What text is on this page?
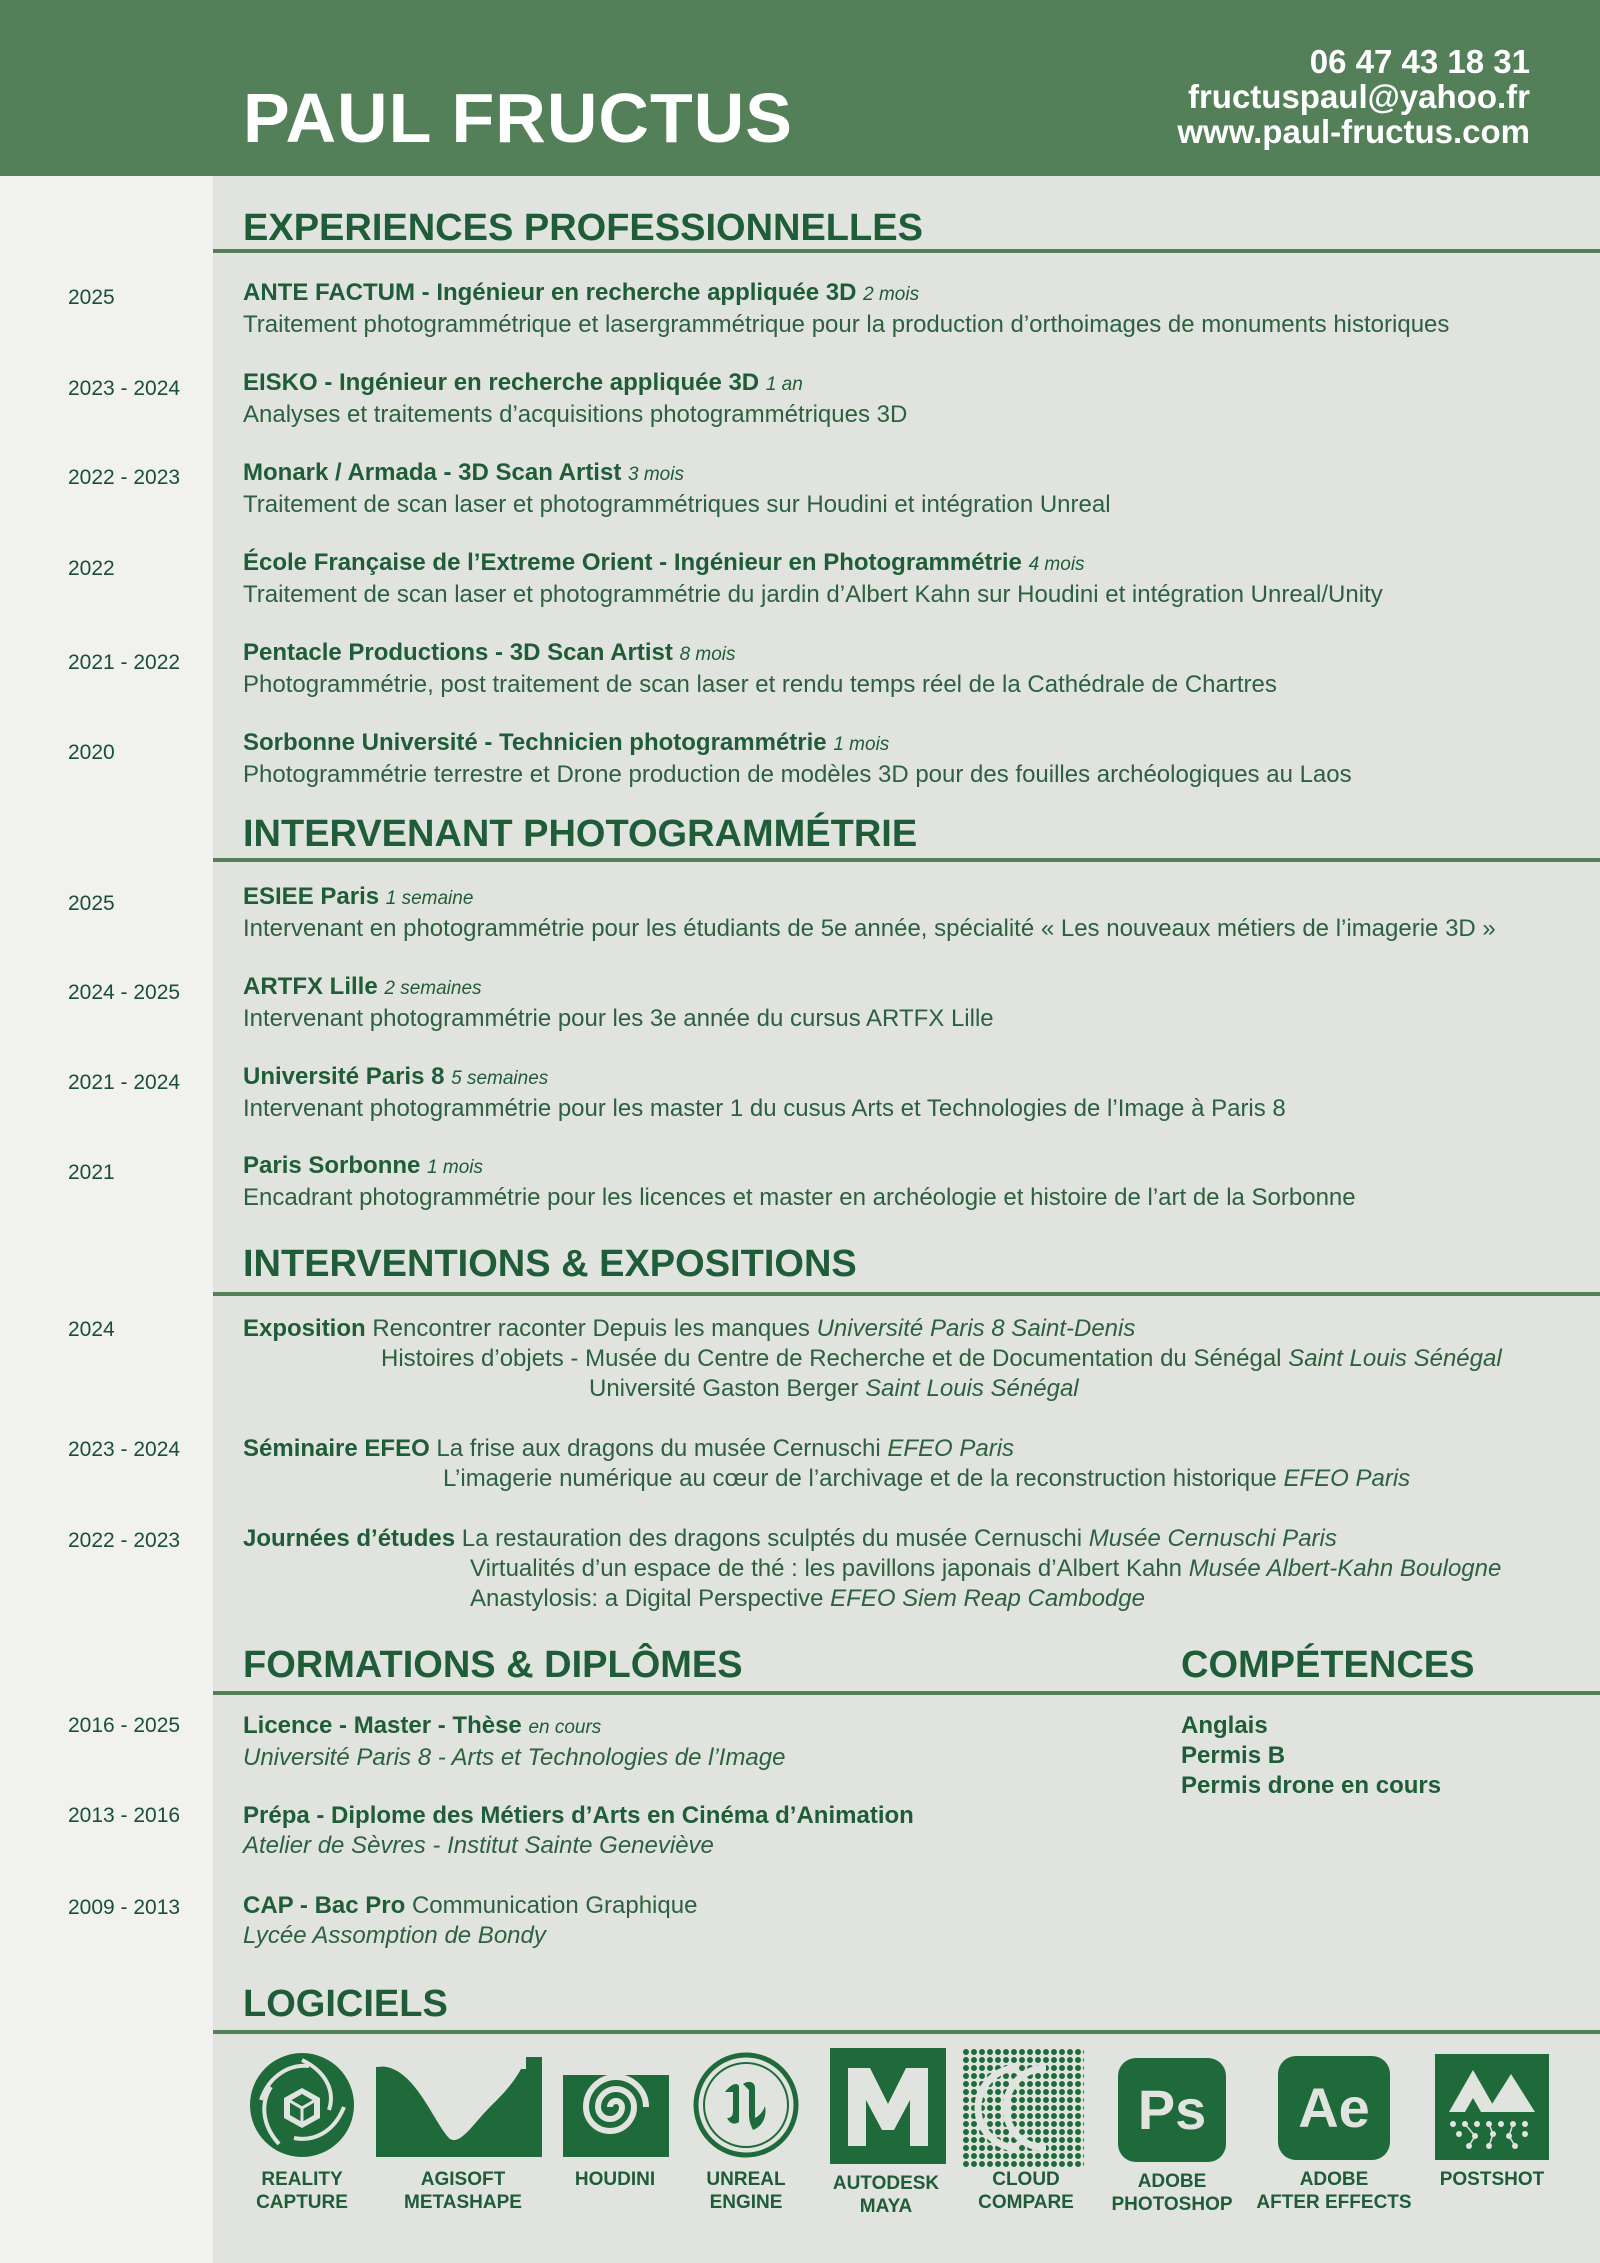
PAUL FRUCTUS
06 47 43 18 31
fructuspaul@yahoo.fr
www.paul-fructus.com
EXPERIENCES PROFESSIONNELLES
2025	ANTE FACTUM - Ingénieur en recherche appliquée 3D 2 mois
Traitement photogrammétrique et lasergrammétrique pour la production d’orthoimages de monuments historiques
2023 - 2024	EISKO - Ingénieur en recherche appliquée 3D 1 an
Analyses et traitements d’acquisitions photogrammétriques 3D
2022 - 2023	Monark / Armada - 3D Scan Artist 3 mois
Traitement de scan laser et photogrammétriques sur Houdini et intégration Unreal
2022	École Française de l’Extreme Orient - Ingénieur en Photogrammétrie 4 mois
Traitement de scan laser et photogrammétrie du jardin d’Albert Kahn sur Houdini et intégration Unreal/Unity
2021 - 2022	Pentacle Productions - 3D Scan Artist 8 mois
Photogrammétrie, post traitement de scan laser et rendu temps réel de la Cathédrale de Chartres
2020	Sorbonne Université - Technicien photogrammétrie 1 mois
Photogrammétrie terrestre et Drone production de modèles 3D pour des fouilles archéologiques au Laos
INTERVENANT PHOTOGRAMMÉTRIE
2025	ESIEE Paris 1 semaine
Intervenant en photogrammétrie pour les étudiants de 5e année, spécialité « Les nouveaux métiers de l’imagerie 3D »
2024 - 2025	ARTFX Lille 2 semaines
Intervenant photogrammétrie pour les 3e année du cursus ARTFX Lille
2021 - 2024	Université Paris 8 5 semaines
Intervenant photogrammétrie pour les master 1 du cusus Arts et Technologies de l’Image à Paris 8
2021	Paris Sorbonne 1 mois
Encadrant photogrammétrie pour les licences et master en archéologie et histoire de l’art de la Sorbonne
INTERVENTIONS & EXPOSITIONS
2024	Exposition Rencontrer raconter Depuis les manques Université Paris 8 Saint-Denis
Histoires d’objets - Musée du Centre de Recherche et de Documentation du Sénégal Saint Louis Sénégal
Université Gaston Berger Saint Louis Sénégal
2023 - 2024	Séminaire EFEO La frise aux dragons du musée Cernuschi EFEO Paris
L’imagerie numérique au cœur de l’archivage et de la reconstruction historique EFEO Paris
2022 - 2023	Journées d’études La restauration des dragons sculptés du musée Cernuschi Musée Cernuschi Paris
Virtualités d’un espace de thé : les pavillons japonais d’Albert Kahn Musée Albert-Kahn Boulogne
Anastylosis: a Digital Perspective EFEO Siem Reap Cambodge
FORMATIONS & DIPLÔMES	COMPÉTENCES
2016 - 2025	Licence - Master - Thèse en cours
Université Paris 8 - Arts et Technologies de l’Image
2013 - 2016	Prépa - Diplome des Métiers d’Arts en Cinéma d’Animation
Atelier de Sèvres - Institut Sainte Geneviève
2009 - 2013	CAP - Bac Pro Communication Graphique
Lycée Assomption de Bondy
Anglais
Permis B
Permis drone en cours
LOGICIELS
REALITY
CAPTURE
AGISOFT
METASHAPE
HOUDINI	UNREAL
ENGINE
AUTODESK
MAYA
CLOUD
COMPARE
Ps
ADOBE
PHOTOSHOP
Ae
ADOBE
AFTER EFFECTS
POSTSHOT
